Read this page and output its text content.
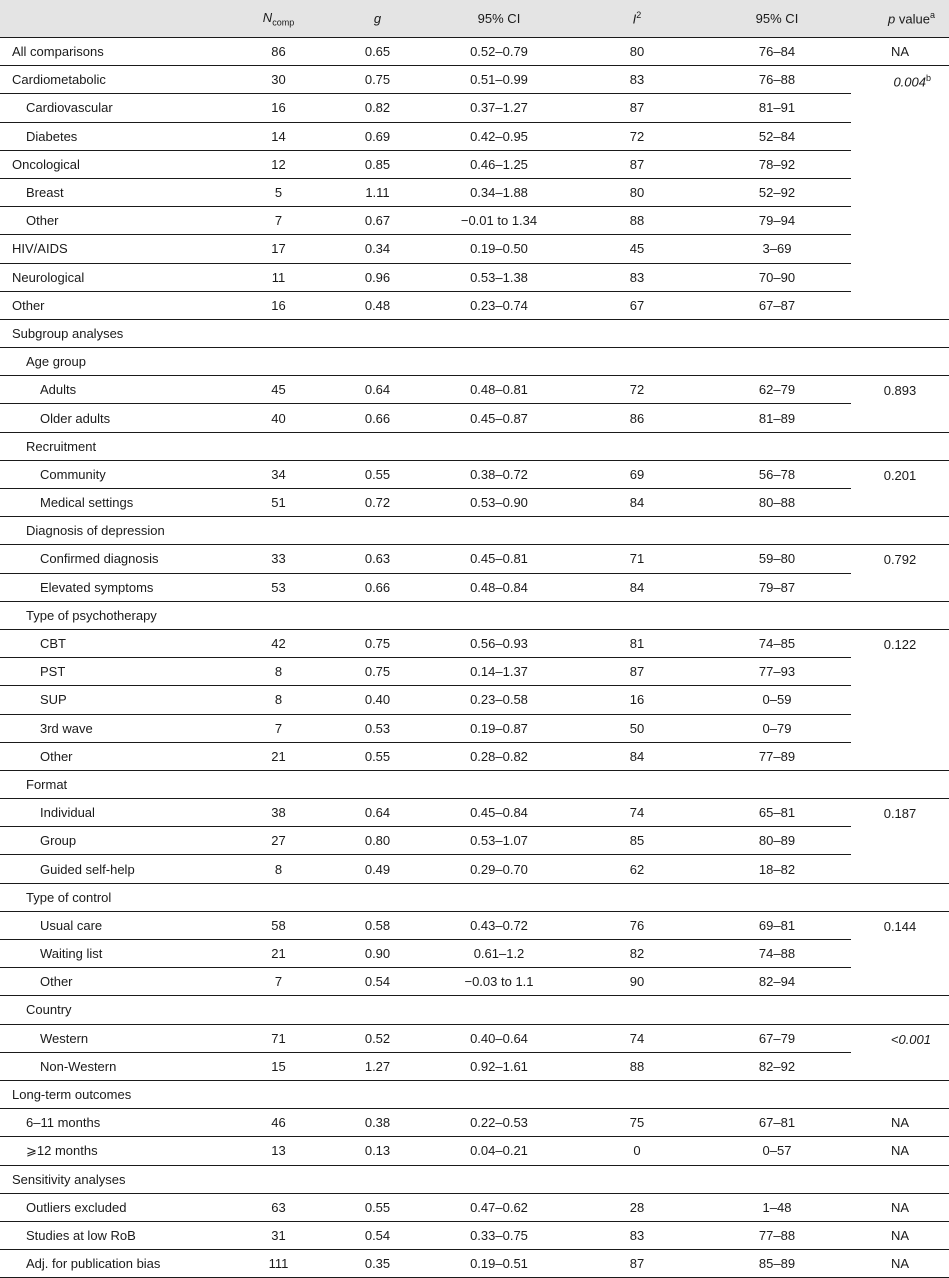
	$N_{comp}$	g	95% CI	$I^2$	95% CI	p value$^a$
All comparisons	86	0.65	0.52–0.79	80	76–84	NA
Cardiometabolic	30	0.75	0.51–0.99	83	76–88	0.004$^b$
Cardiovascular	16	0.82	0.37–1.27	87	81–91	
Diabetes	14	0.69	0.42–0.95	72	52–84	
Oncological	12	0.85	0.46–1.25	87	78–92	
Breast	5	1.11	0.34–1.88	80	52–92	
Other	7	0.67	−0.01 to 1.34	88	79–94	
HIV/AIDS	17	0.34	0.19–0.50	45	3–69	
Neurological	11	0.96	0.53–1.38	83	70–90	
Other	16	0.48	0.23–0.74	67	67–87	
Subgroup analyses						
Age group						
Adults	45	0.64	0.48–0.81	72	62–79	0.893
Older adults	40	0.66	0.45–0.87	86	81–89	
Recruitment						
Community	34	0.55	0.38–0.72	69	56–78	0.201
Medical settings	51	0.72	0.53–0.90	84	80–88	
Diagnosis of depression						
Confirmed diagnosis	33	0.63	0.45–0.81	71	59–80	0.792
Elevated symptoms	53	0.66	0.48–0.84	84	79–87	
Type of psychotherapy						
CBT	42	0.75	0.56–0.93	81	74–85	0.122
PST	8	0.75	0.14–1.37	87	77–93	
SUP	8	0.40	0.23–0.58	16	0–59	
3rd wave	7	0.53	0.19–0.87	50	0–79	
Other	21	0.55	0.28–0.82	84	77–89	
Format						
Individual	38	0.64	0.45–0.84	74	65–81	0.187
Group	27	0.80	0.53–1.07	85	80–89	
Guided self-help	8	0.49	0.29–0.70	62	18–82	
Type of control						
Usual care	58	0.58	0.43–0.72	76	69–81	0.144
Waiting list	21	0.90	0.61–1.2	82	74–88	
Other	7	0.54	−0.03 to 1.1	90	82–94	
Country						
Western	71	0.52	0.40–0.64	74	67–79	<0.001
Non-Western	15	1.27	0.92–1.61	88	82–92	
Long-term outcomes						
6–11 months	46	0.38	0.22–0.53	75	67–81	NA
⩾12 months	13	0.13	0.04–0.21	0	0–57	NA
Sensitivity analyses						
Outliers excluded	63	0.55	0.47–0.62	28	1–48	NA
Studies at low RoB	31	0.54	0.33–0.75	83	77–88	NA
Adj. for publication bias	111	0.35	0.19–0.51	87	85–89	NA
